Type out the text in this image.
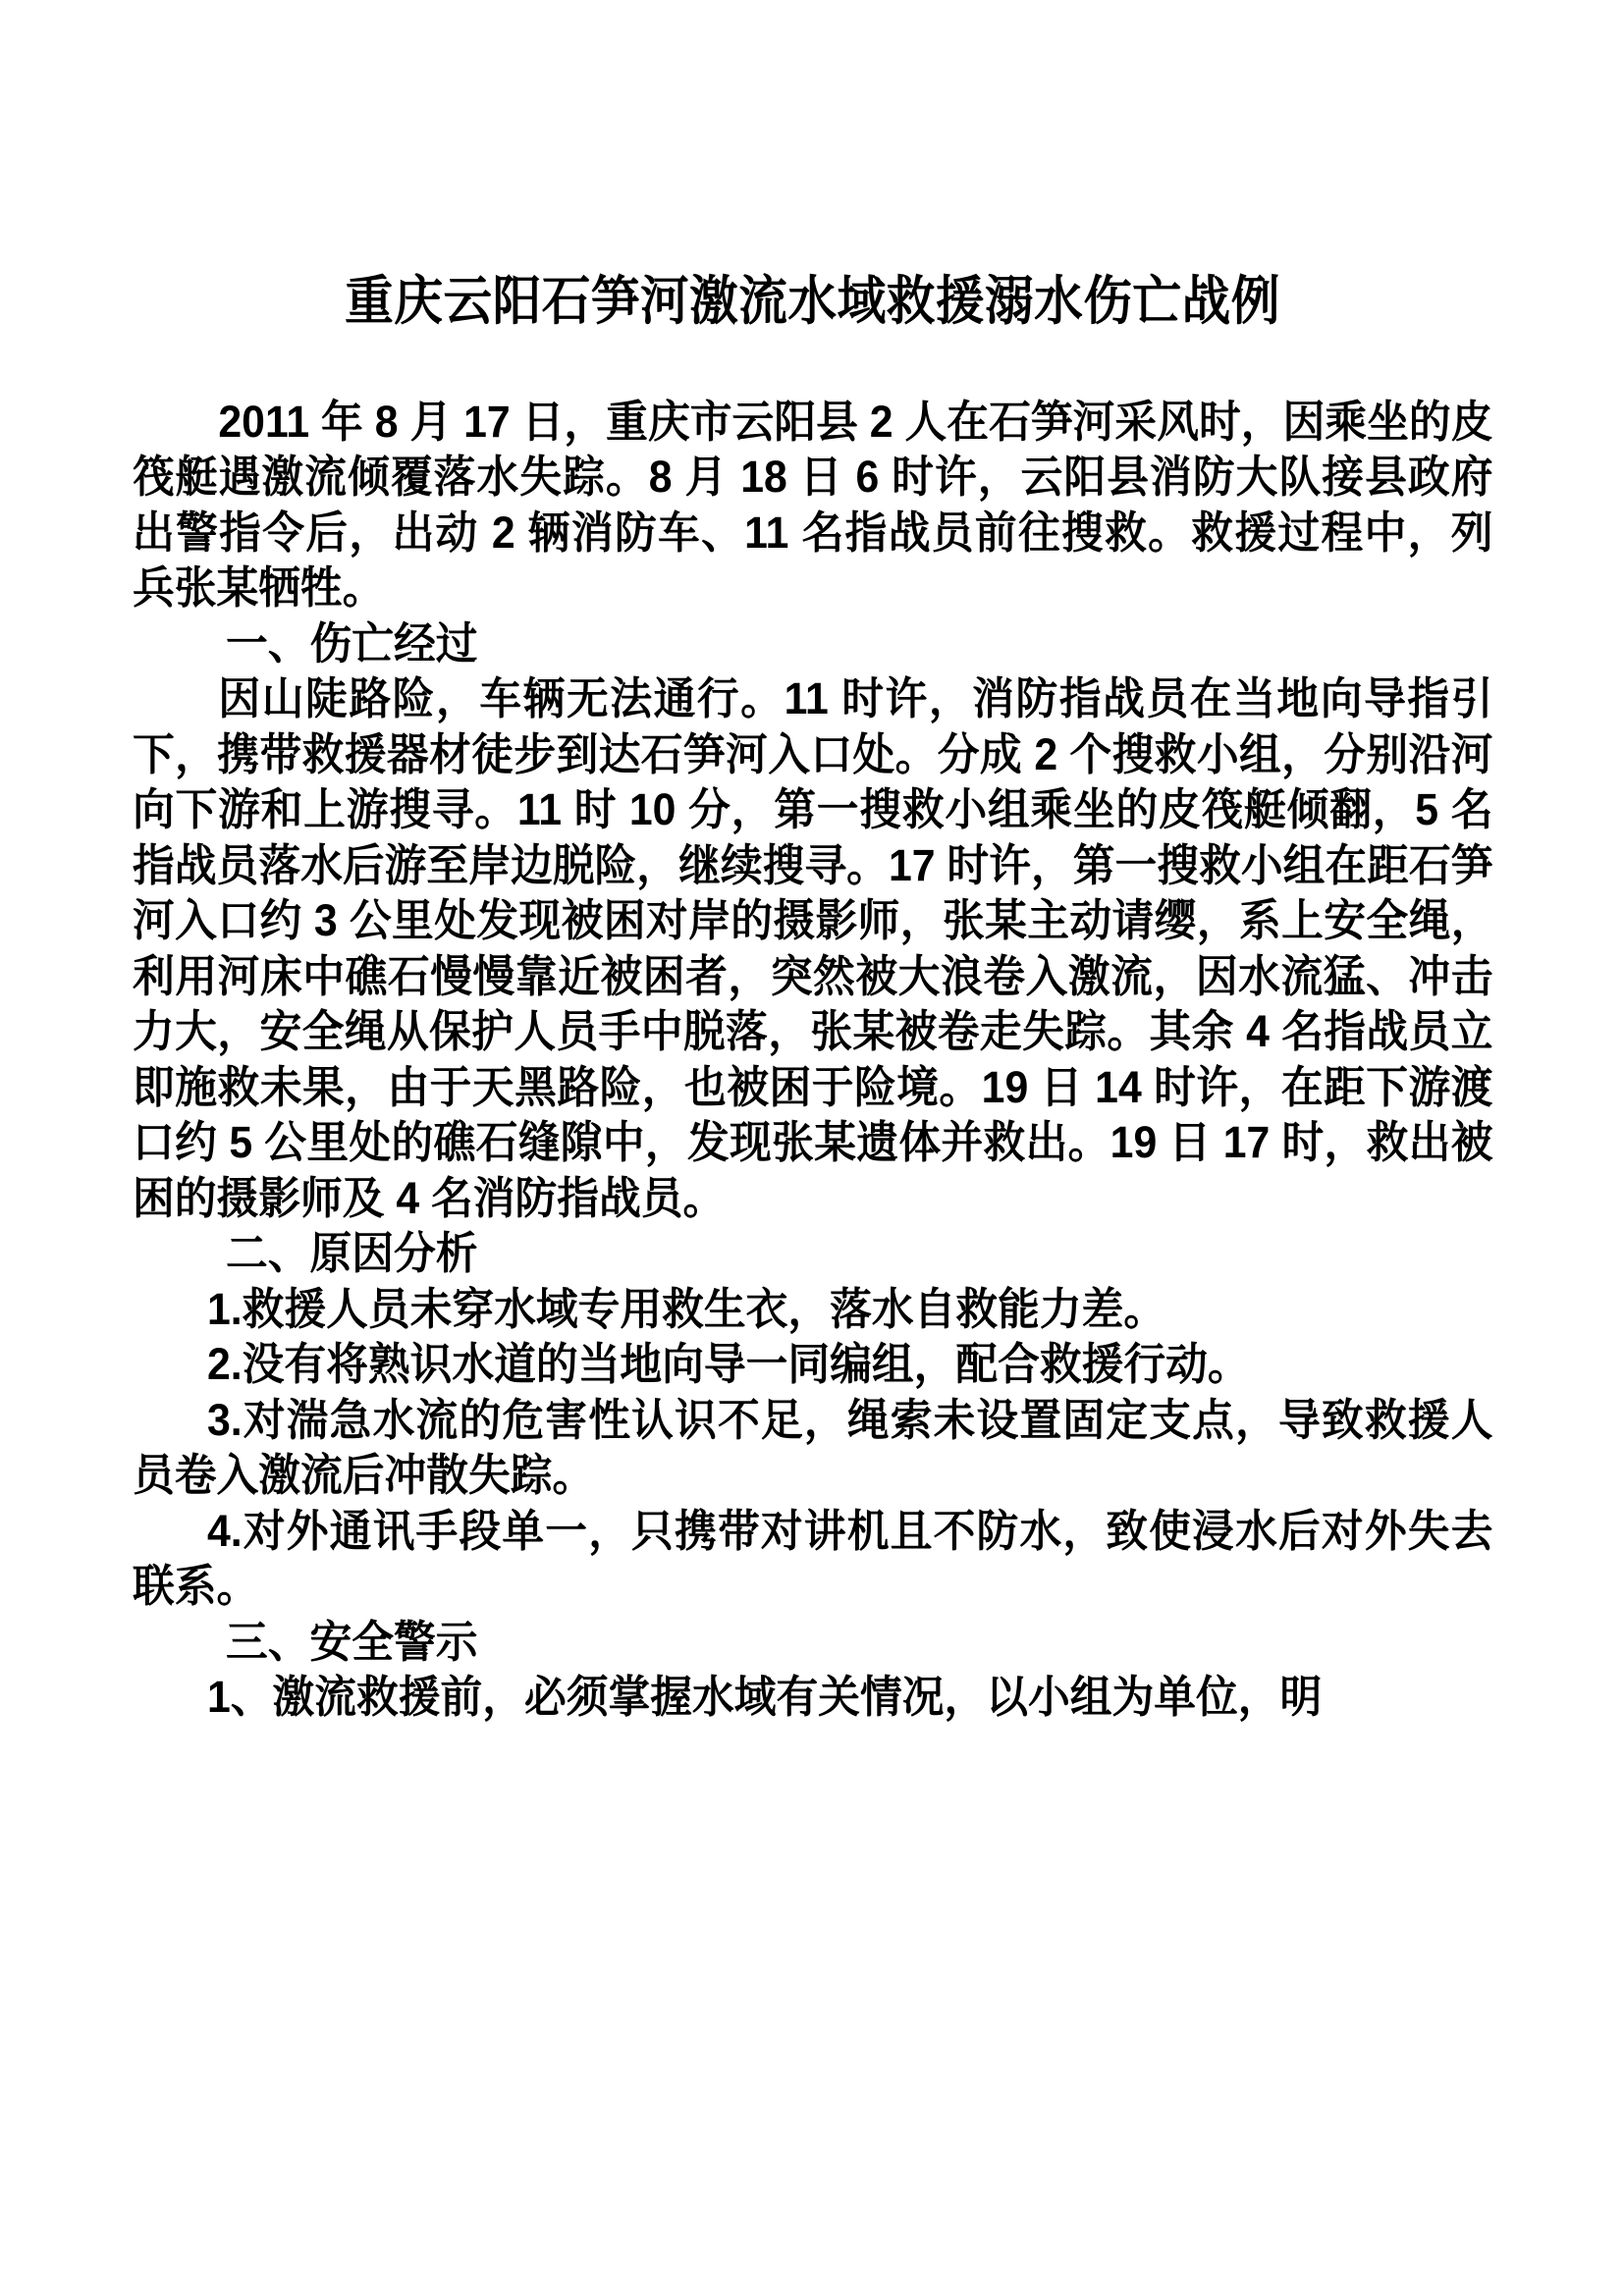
重庆云阳石笋河激流水域救援溺水伤亡战例

2011 年 8 月 17 日，重庆市云阳县 2 人在石笋河采风时，因乘坐的皮筏艇遇激流倾覆落水失踪。8 月 18 日 6 时许，云阳县消防大队接县政府出警指令后，出动 2 辆消防车、11 名指战员前往搜救。救援过程中，列兵张某牺牲。

一、伤亡经过

因山陡路险，车辆无法通行。11 时许，消防指战员在当地向导指引下，携带救援器材徒步到达石笋河入口处。分成 2 个搜救小组，分别沿河向下游和上游搜寻。11 时 10 分，第一搜救小组乘坐的皮筏艇倾翻，5 名指战员落水后游至岸边脱险，继续搜寻。17 时许，第一搜救小组在距石笋河入口约 3 公里处发现被困对岸的摄影师，张某主动请缨，系上安全绳，利用河床中礁石慢慢靠近被困者，突然被大浪卷入激流，因水流猛、冲击力大，安全绳从保护人员手中脱落，张某被卷走失踪。其余 4 名指战员立即施救未果，由于天黑路险，也被困于险境。19 日 14 时许，在距下游渡口约 5 公里处的礁石缝隙中，发现张某遗体并救出。19 日 17 时，救出被困的摄影师及 4 名消防指战员。

二、原因分析

1.救援人员未穿水域专用救生衣，落水自救能力差。

2.没有将熟识水道的当地向导一同编组，配合救援行动。

3.对湍急水流的危害性认识不足，绳索未设置固定支点，导致救援人员卷入激流后冲散失踪。

4.对外通讯手段单一，只携带对讲机且不防水，致使浸水后对外失去联系。

三、安全警示

1、激流救援前，必须掌握水域有关情况，以小组为单位，明
